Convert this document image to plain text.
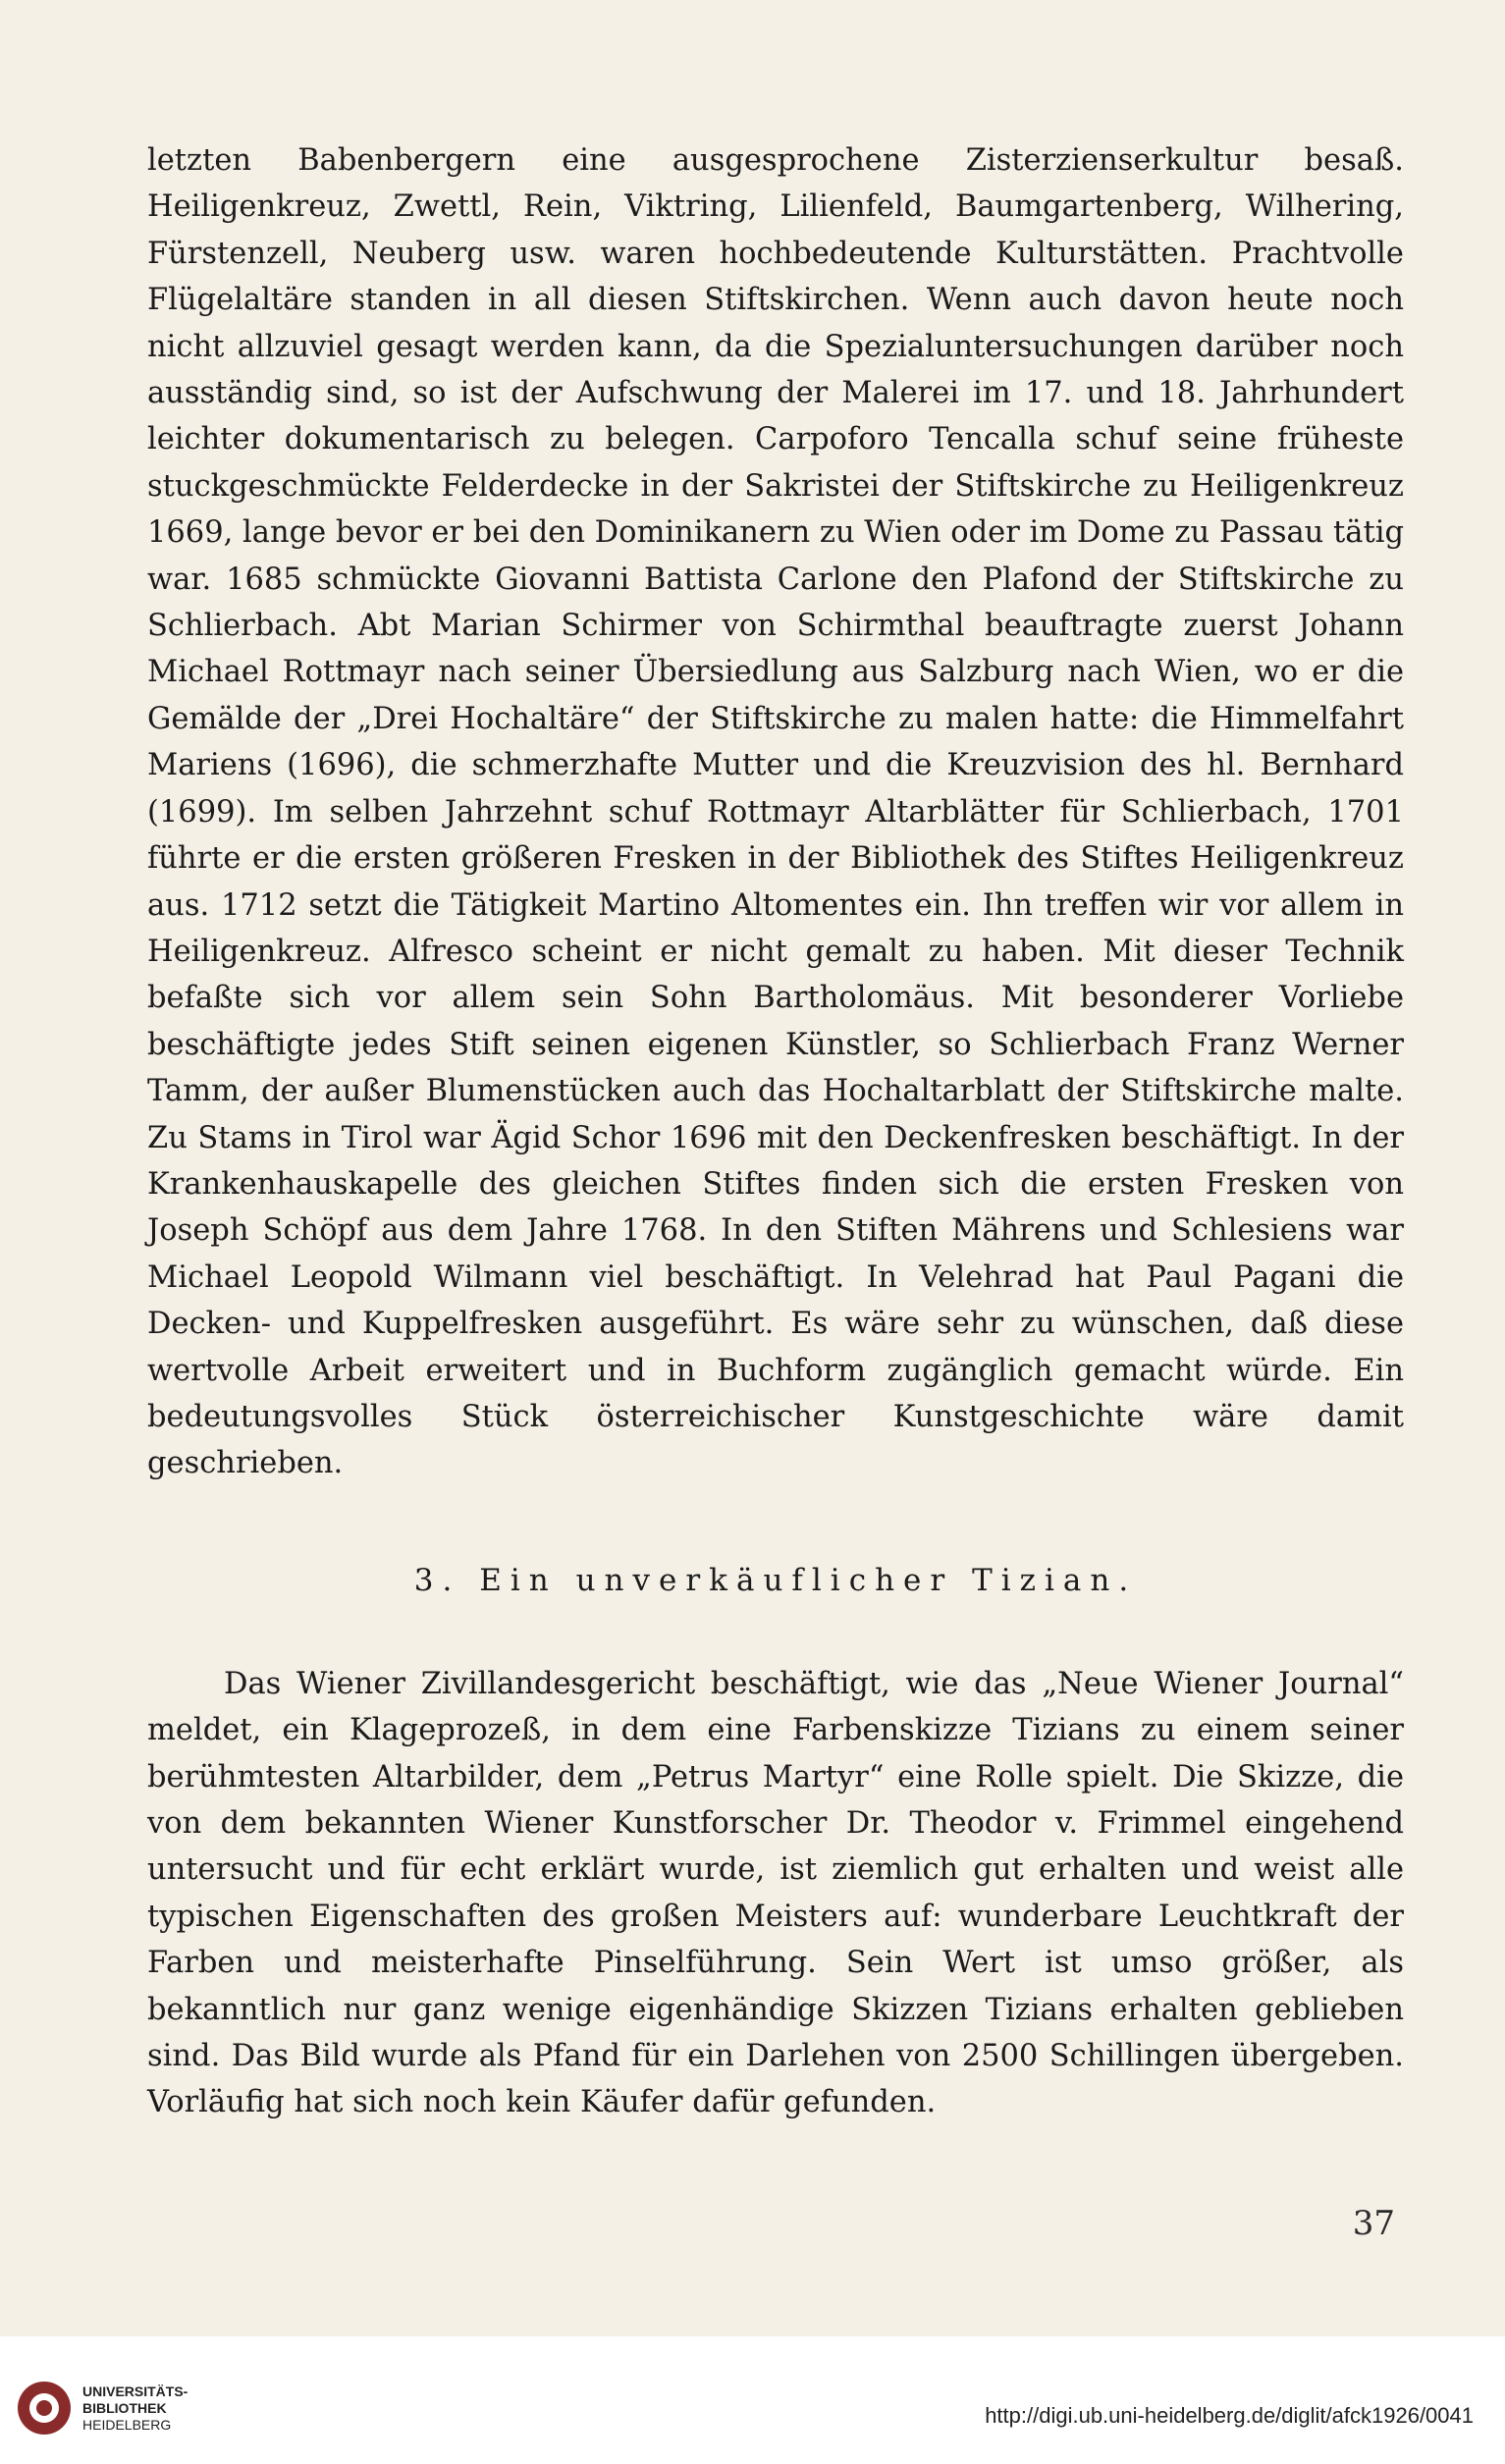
letzten Babenbergern eine ausgesprochene Zisterzienserkultur besaß. Heiligenkreuz, Zwettl, Rein, Viktring, Lilienfeld, Baumgartenberg, Wilhering, Fürstenzell, Neuberg usw. waren hochbedeutende Kulturstätten. Prachtvolle Flügelaltäre standen in all diesen Stiftskirchen. Wenn auch davon heute noch nicht allzuviel gesagt werden kann, da die Spezialuntersuchungen darüber noch ausständig sind, so ist der Aufschwung der Malerei im 17. und 18. Jahrhundert leichter dokumentarisch zu belegen. Carpoforo Tencalla schuf seine früheste stuckgeschmückte Felderdecke in der Sakristei der Stiftskirche zu Heiligenkreuz 1669, lange bevor er bei den Dominikanern zu Wien oder im Dome zu Passau tätig war. 1685 schmückte Giovanni Battista Carlone den Plafond der Stiftskirche zu Schlierbach. Abt Marian Schirmer von Schirmthal beauftragte zuerst Johann Michael Rottmayr nach seiner Übersiedlung aus Salzburg nach Wien, wo er die Gemälde der „Drei Hochaltäre“ der Stiftskirche zu malen hatte: die Himmelfahrt Mariens (1696), die schmerzhafte Mutter und die Kreuzvision des hl. Bernhard (1699). Im selben Jahrzehnt schuf Rottmayr Altarblätter für Schlierbach, 1701 führte er die ersten größeren Fresken in der Bibliothek des Stiftes Heiligenkreuz aus. 1712 setzt die Tätigkeit Martino Altomentes ein. Ihn treffen wir vor allem in Heiligenkreuz. Alfresco scheint er nicht gemalt zu haben. Mit dieser Technik befaßte sich vor allem sein Sohn Bartholomäus. Mit besonderer Vorliebe beschäftigte jedes Stift seinen eigenen Künstler, so Schlierbach Franz Werner Tamm, der außer Blumenstücken auch das Hochaltarblatt der Stiftskirche malte. Zu Stams in Tirol war Ägid Schor 1696 mit den Deckenfresken beschäftigt. In der Krankenhauskapelle des gleichen Stiftes finden sich die ersten Fresken von Joseph Schöpf aus dem Jahre 1768. In den Stiften Mährens und Schlesiens war Michael Leopold Wilmann viel beschäftigt. In Velehrad hat Paul Pagani die Decken- und Kuppelfresken ausgeführt. Es wäre sehr zu wünschen, daß diese wertvolle Arbeit erweitert und in Buchform zugänglich gemacht würde. Ein bedeutungsvolles Stück österreichischer Kunstgeschichte wäre damit geschrieben.

3. Ein unverkäuflicher Tizian.

Das Wiener Zivillandesgericht beschäftigt, wie das „Neue Wiener Journal“ meldet, ein Klageprozeß, in dem eine Farbenskizze Tizians zu einem seiner berühmtesten Altarbilder, dem „Petrus Martyr“ eine Rolle spielt. Die Skizze, die von dem bekannten Wiener Kunstforscher Dr. Theodor v. Frimmel eingehend untersucht und für echt erklärt wurde, ist ziemlich gut erhalten und weist alle typischen Eigenschaften des großen Meisters auf: wunderbare Leuchtkraft der Farben und meisterhafte Pinselführung. Sein Wert ist umso größer, als bekanntlich nur ganz wenige eigenhändige Skizzen Tizians erhalten geblieben sind. Das Bild wurde als Pfand für ein Darlehen von 2500 Schillingen übergeben. Vorläufig hat sich noch kein Käufer dafür gefunden.

37
UNIVERSITÄTS-
BIBLIOTHEK
HEIDELBERG	http://digi.ub.uni-heidelberg.de/diglit/afck1926/0041
